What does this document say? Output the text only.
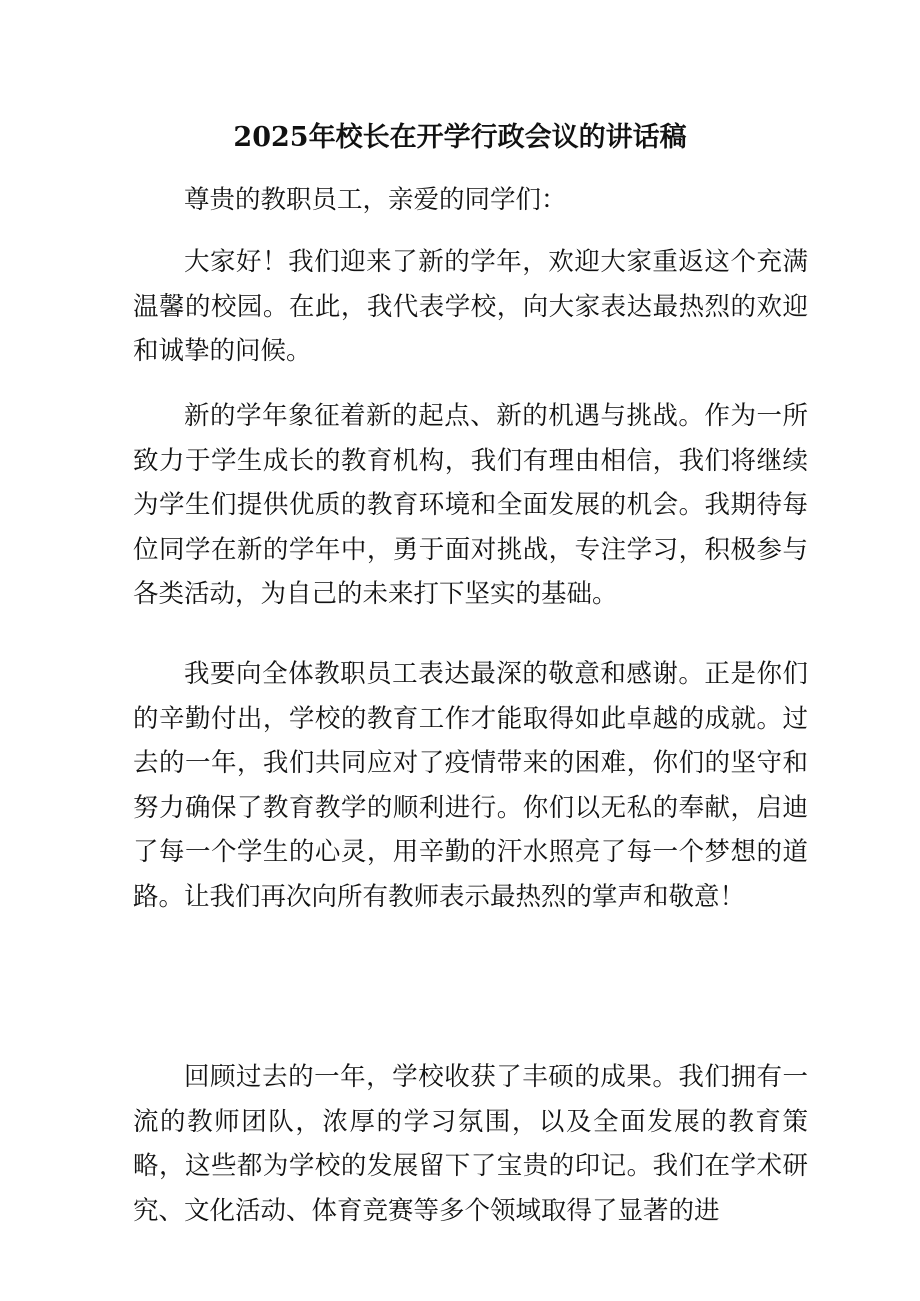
2025年校长在开学行政会议的讲话稿

尊贵的教职员工，亲爱的同学们：

大家好！我们迎来了新的学年，欢迎大家重返这个充满温馨的校园。在此，我代表学校，向大家表达最热烈的欢迎和诚挚的问候。

新的学年象征着新的起点、新的机遇与挑战。作为一所致力于学生成长的教育机构，我们有理由相信，我们将继续为学生们提供优质的教育环境和全面发展的机会。我期待每位同学在新的学年中，勇于面对挑战，专注学习，积极参与各类活动，为自己的未来打下坚实的基础。

我要向全体教职员工表达最深的敬意和感谢。正是你们的辛勤付出，学校的教育工作才能取得如此卓越的成就。过去的一年，我们共同应对了疫情带来的困难，你们的坚守和努力确保了教育教学的顺利进行。你们以无私的奉献，启迪了每一个学生的心灵，用辛勤的汗水照亮了每一个梦想的道路。让我们再次向所有教师表示最热烈的掌声和敬意！

回顾过去的一年，学校收获了丰硕的成果。我们拥有一流的教师团队，浓厚的学习氛围，以及全面发展的教育策略，这些都为学校的发展留下了宝贵的印记。我们在学术研究、文化活动、体育竞赛等多个领域取得了显著的进
